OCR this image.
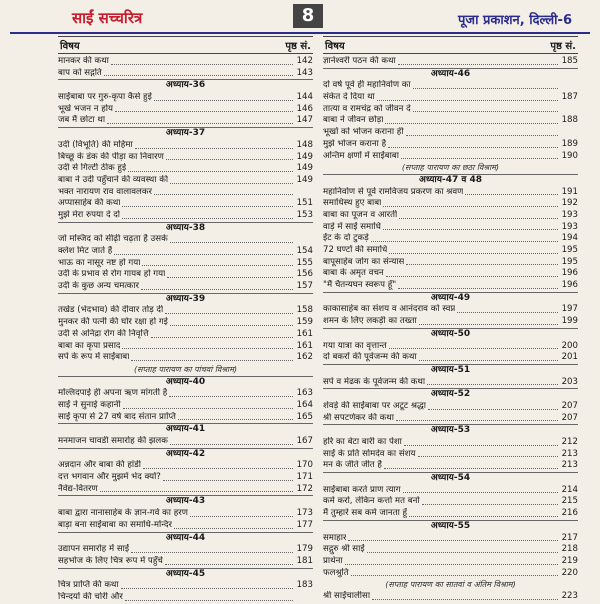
साईं सच्चरित्र	8	पूजा प्रकाशन, दिल्ली-6
विषय	पृष्ठ सं.
मानकर की कथा	142
बाप को सद्गति	143
अध्याय-36
साईंबाबा पर गुरु-कृपा कैसे हुई	144
भूखे भजन न होय	146
जब मैं छोटा था	147
अध्याय-37
उदी (विभूति) की महिमा	148
बिच्छू के डंक की पीड़ा का निवारण	149
उदी से गिल्टी ठीक हुई	149
बाबा ने उदी पहुँचाने की व्यवस्था की	149
भक्त नारायण राव वालावलकर
अप्पासाहेब की कथा	151
मुझे मेरा रुपया दे दो	153
अध्याय-38
जो मस्जिद को सीढ़ी चढ़ता है उसके
क्लेश मिट जाते हैं	154
भाऊ का नासूर नष्ट हो गया	155
उदी के प्रभाव से रोग गायब हो गया	156
उदी के कुछ अन्य चमत्कार	157
अध्याय-39
तर्खड (भेदभाव) की दीवार तोड़ दी	158
मुनकर की पत्नी की घोर रक्षा हो गई	159
उदी से अनिद्रा रोग की निवृत्ति	161
बाबा का कृपा प्रसाद	161
सर्प के रूप में साईंबाबा	162
(सप्ताह पारायण का पांचवां विश्राम)
अध्याय-40
मल्लिदपाई ही अपना ऋण मांगती है	163
साईं ने सुनाई कहानी	164
साईं कृपा से 27 वर्ष बाद संतान प्राप्ति	165
अध्याय-41
मनमाजन चावडी समारोह की झलक	167
अध्याय-42
अन्नदान और बाबा की हांडी	170
दत्त भगवान और मुझमें भेद क्यों?	171
नैवेद्य-वितरण	172
अध्याय-43
बाबा द्वारा नानासाहेब के ज्ञान-गर्व का हरण	173
बाड़ा बना साईंबाबा का समाधि-मन्दिर	177
अध्याय-44
उद्यापन समारोह में साईं	179
सहभोज के लिए चित्र रूप में पहुँचे	181
अध्याय-45
चित्र प्राप्ति की कथा	183
चिन्दयों की चोरी और
विषय	पृष्ठ सं.
ज्ञानेश्वरी पठन की कथा	185
अध्याय-46
दो वर्ष पूर्व ही महानिर्वाण का
संकेत दे दिया था	187
तात्या व रामचंद्र को जीवन दे
बाबा ने जीवन छोड़ा	188
भूखों को भोजन कराना ही
मुझे भोजन कराना है	189
अन्तिम क्षणों में साईंबाबा	190
(सप्ताह पारायण का छठा विश्राम)
अध्याय-47 व 48
महानिर्वाण से पूर्व रामविजय प्रकरण का श्रवण	191
समाधिस्थ हुए बाबा	192
बाबा का पूजन व आरती	193
वाड़े में साईं समाधि	193
ईंट के दो टुकड़े	194
72 घण्टों की समाधि	195
बापूसाहेब जोग का संन्यास	195
बाबा के अमृत वचन	196
"मैं चैतन्यघन स्वरूप हूँ"	196
अध्याय-49
काकासाहेब का संशय व आनंदराव को स्वप्न	197
शमन के लिए लकड़ी का तख्ता	199
अध्याय-50
गया यात्रा का वृत्तान्त	200
दो बकरों की पूर्वजन्म की कथा	201
अध्याय-51
सर्प व मेढक के पूर्वजन्म की कथा	203
अध्याय-52
शेवड़े की साईंबाबा पर अटूट श्रद्धा	207
श्री सपटणेकर की कथा	207
अध्याय-53
हरि का बेटा बारी का पेशा	212
साईं के प्रति सोमदेव का संशय	213
मन के जीते जीत है	213
अध्याय-54
साईंबाबा करते प्राण त्याग	214
कर्म करो, लेकिन कर्त्ता मत बनो	215
मैं तुम्हारे सब कर्म जानता हूँ	216
अध्याय-55
समाहार	217
सद्गुरु श्री साईं	218
प्रार्थना	219
फलश्रुति	220
(सप्ताह पारायण का सातवां व अंतिम विश्राम)
श्री साईंचालीसा	223
